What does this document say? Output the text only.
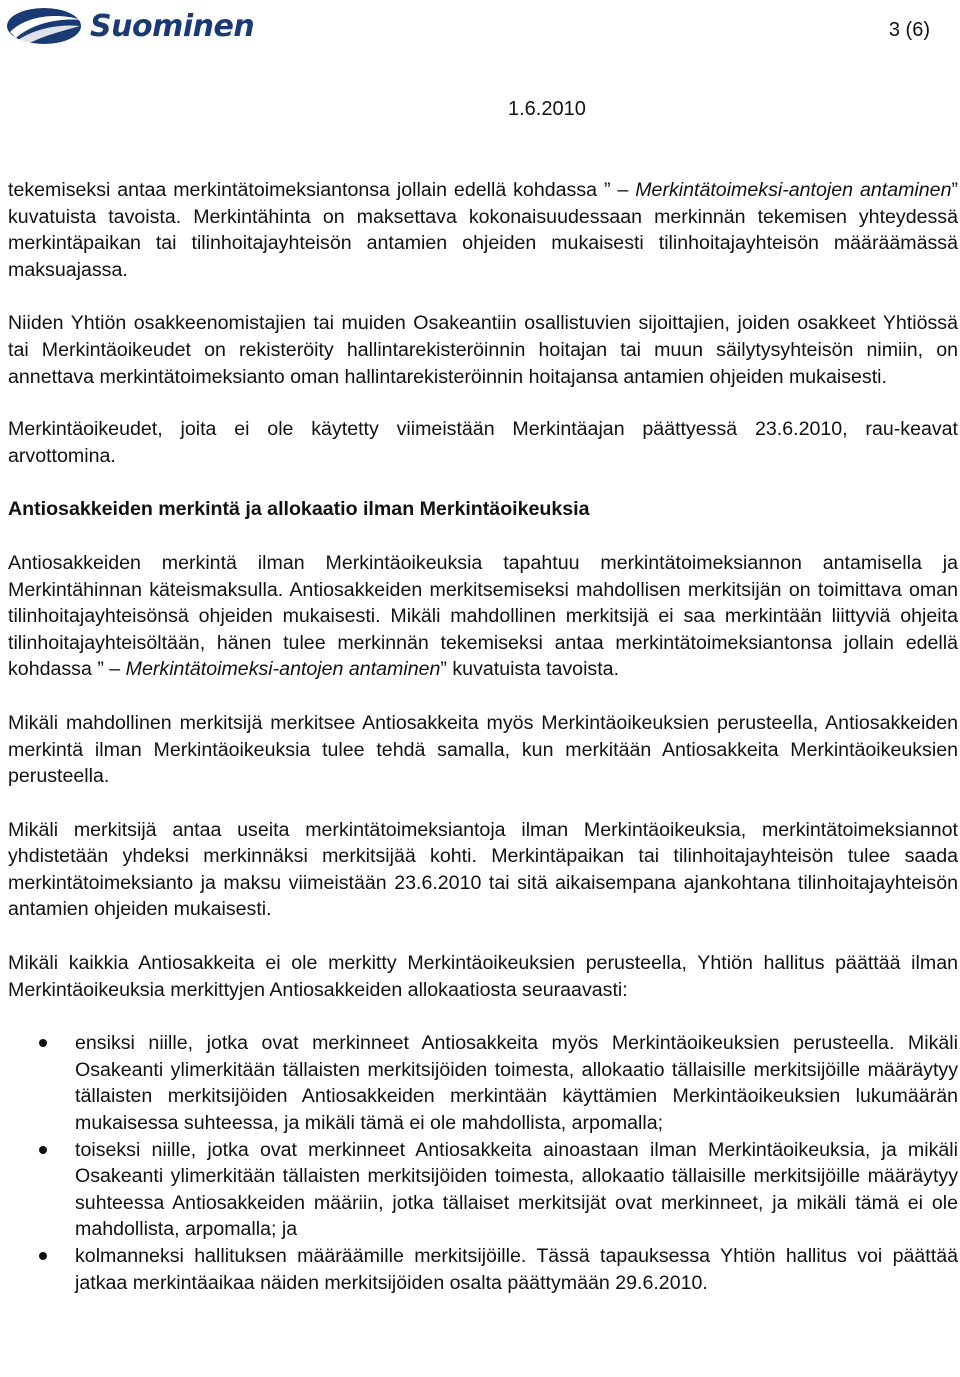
Suominen	3 (6)
1.6.2010

tekemiseksi antaa merkintätoimeksiantonsa jollain edellä kohdassa ” – Merkintätoimeksi-antojen antaminen” kuvatuista tavoista. Merkintähinta on maksettava kokonaisuudessaan merkinnän tekemisen yhteydessä merkintäpaikan tai tilinhoitajayhteisön antamien ohjeiden mukaisesti tilinhoitajayhteisön määräämässä maksuajassa.

Niiden Yhtiön osakkeenomistajien tai muiden Osakeantiin osallistuvien sijoittajien, joiden osakkeet Yhtiössä tai Merkintäoikeudet on rekisteröity hallintarekisteröinnin hoitajan tai muun säilytysyhteisön nimiin, on annettava merkintätoimeksianto oman hallintarekisteröinnin hoitajansa antamien ohjeiden mukaisesti.

Merkintäoikeudet, joita ei ole käytetty viimeistään Merkintäajan päättyessä 23.6.2010, rau-keavat arvottomina.

Antiosakkeiden merkintä ja allokaatio ilman Merkintäoikeuksia

Antiosakkeiden merkintä ilman Merkintäoikeuksia tapahtuu merkintätoimeksiannon antamisella ja Merkintähinnan käteismaksulla. Antiosakkeiden merkitsemiseksi mahdollisen merkitsijän on toimittava oman tilinhoitajayhteisönsä ohjeiden mukaisesti. Mikäli mahdollinen merkitsijä ei saa merkintään liittyviä ohjeita tilinhoitajayhteisöltään, hänen tulee merkinnän tekemiseksi antaa merkintätoimeksiantonsa jollain edellä kohdassa ” – Merkintätoimeksi-antojen antaminen” kuvatuista tavoista.

Mikäli mahdollinen merkitsijä merkitsee Antiosakkeita myös Merkintäoikeuksien perusteella, Antiosakkeiden merkintä ilman Merkintäoikeuksia tulee tehdä samalla, kun merkitään Antiosakkeita Merkintäoikeuksien perusteella.

Mikäli merkitsijä antaa useita merkintätoimeksiantoja ilman Merkintäoikeuksia, merkintätoimeksiannot yhdistetään yhdeksi merkinnäksi merkitsijää kohti. Merkintäpaikan tai tilinhoitajayhteisön tulee saada merkintätoimeksianto ja maksu viimeistään 23.6.2010 tai sitä aikaisempana ajankohtana tilinhoitajayhteisön antamien ohjeiden mukaisesti.

Mikäli kaikkia Antiosakkeita ei ole merkitty Merkintäoikeuksien perusteella, Yhtiön hallitus päättää ilman Merkintäoikeuksia merkittyjen Antiosakkeiden allokaatiosta seuraavasti:

ensiksi niille, jotka ovat merkinneet Antiosakkeita myös Merkintäoikeuksien perusteella. Mikäli Osakeanti ylimerkitään tällaisten merkitsijöiden toimesta, allokaatio tällaisille merkitsijöille määräytyy tällaisten merkitsijöiden Antiosakkeiden merkintään käyttämien Merkintäoikeuksien lukumäärän mukaisessa suhteessa, ja mikäli tämä ei ole mahdollista, arpomalla;
toiseksi niille, jotka ovat merkinneet Antiosakkeita ainoastaan ilman Merkintäoikeuksia, ja mikäli Osakeanti ylimerkitään tällaisten merkitsijöiden toimesta, allokaatio tällaisille merkitsijöille määräytyy suhteessa Antiosakkeiden määriin, jotka tällaiset merkitsijät ovat merkinneet, ja mikäli tämä ei ole mahdollista, arpomalla; ja
kolmanneksi hallituksen määräämille merkitsijöille. Tässä tapauksessa Yhtiön hallitus voi päättää jatkaa merkintäaikaa näiden merkitsijöiden osalta päättymään 29.6.2010.
